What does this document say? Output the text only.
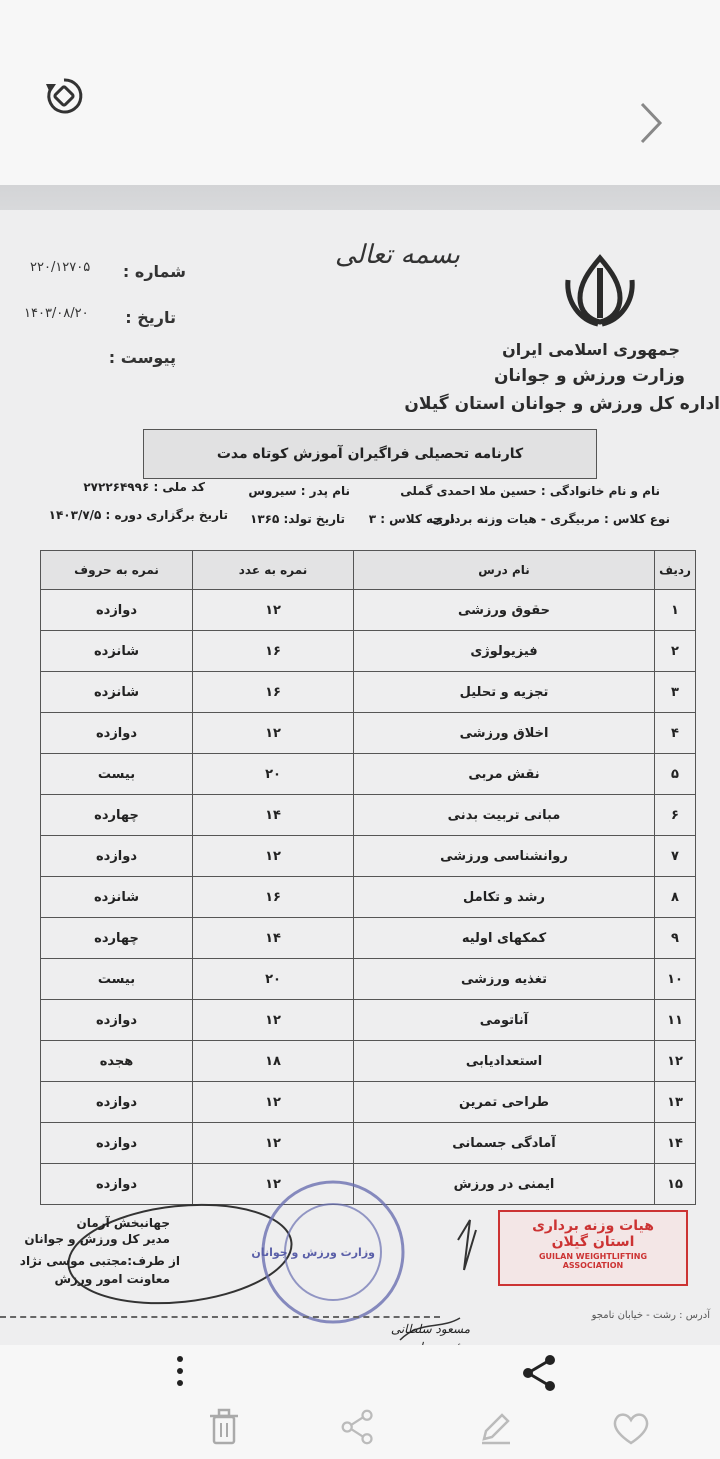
بسمه تعالی
جمهوری اسلامی ایران
وزارت ورزش و جوانان
اداره کل ورزش و جوانان استان گیلان
شماره :
۲۲۰/۱۲۷۰۵
تاریخ :
۱۴۰۳/۰۸/۲۰
پیوست :
کارنامه تحصیلی فراگیران آموزش کوتاه مدت
نام و نام خانوادگی : حسین ملا احمدی گملی
نام پدر : سیروس
کد ملی : ۲۷۲۲۶۴۹۹۶
نوع کلاس : مربیگری - هیات وزنه برداری
درجه کلاس : ۳
تاریخ تولد: ۱۳۶۵
تاریخ برگزاری دوره : ۱۴۰۳/۷/۵
ردیف	نام درس	نمره به عدد	نمره به حروف
۱	حقوق ورزشی	۱۲	دوازده
۲	فیزیولوژی	۱۶	شانزده
۳	تجزیه و تحلیل	۱۶	شانزده
۴	اخلاق ورزشی	۱۲	دوازده
۵	نقش مربی	۲۰	بیست
۶	مبانی تربیت بدنی	۱۴	چهارده
۷	روانشناسی ورزشی	۱۲	دوازده
۸	رشد و تکامل	۱۶	شانزده
۹	کمکهای اولیه	۱۴	چهارده
۱۰	تغذیه ورزشی	۲۰	بیست
۱۱	آناتومی	۱۲	دوازده
۱۲	استعدادیابی	۱۸	هجده
۱۳	طراحی تمرین	۱۲	دوازده
۱۴	آمادگی جسمانی	۱۲	دوازده
۱۵	ایمنی در ورزش	۱۲	دوازده
جهانبخش آرمان
مدیر کل ورزش و جوانان
از طرف:مجتبی موسی نژاد
معاونت امور ورزش
وزارت ورزش و جوانان
مسعود سلطانی
هیات وزنه برداری
استان گیلان
GUILAN WEIGHTLIFTING
ASSOCIATION
آدرس : رشت - خیابان نامجو
